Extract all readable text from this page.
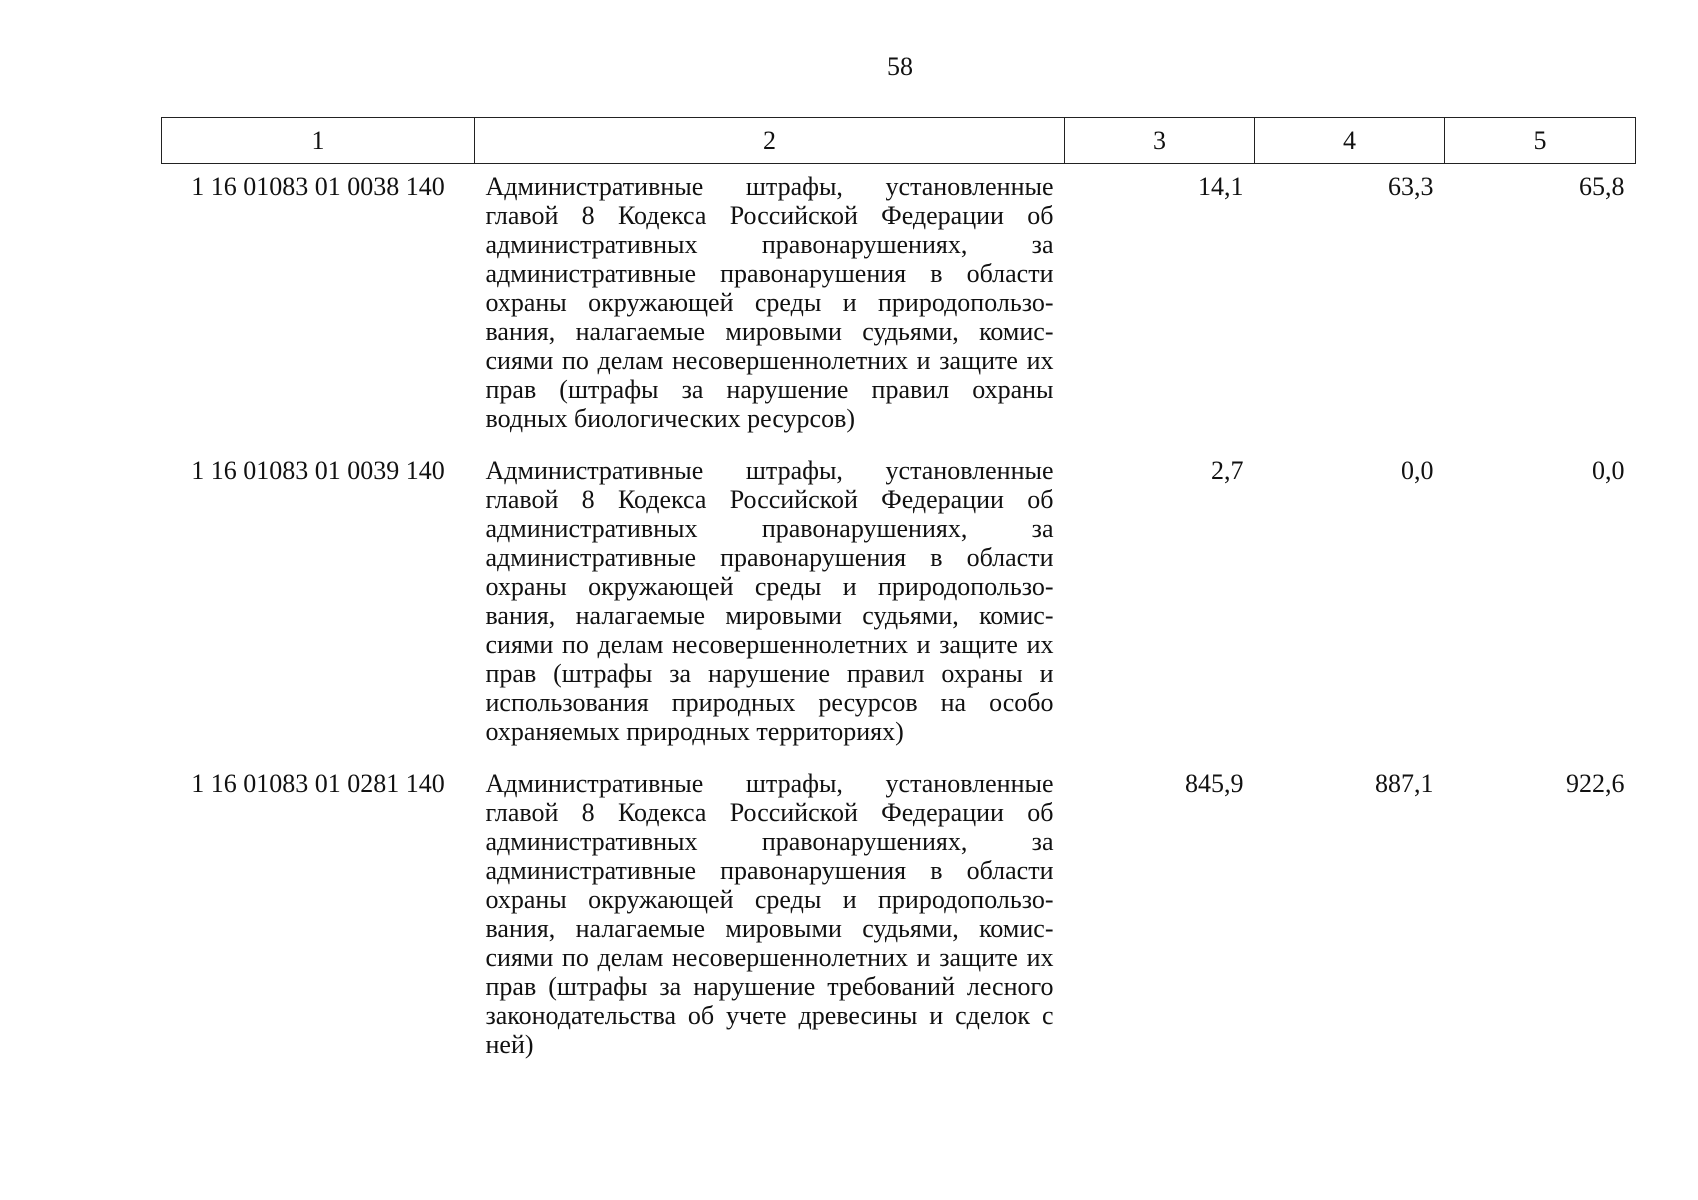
58
1	2	3	4	5
1 16 01083 01 0038 140	Административные штрафы, установленные главой 8 Кодекса Российской Федерации об административных правонарушениях, за административные правонарушения в области охраны окружающей среды и природопользования, налагаемые мировыми судьями, комиссиями по делам несовершеннолетних и защите их прав (штрафы за нарушение правил охраны водных биологических ресурсов)	14,1	63,3	65,8
1 16 01083 01 0039 140	Административные штрафы, установленные главой 8 Кодекса Российской Федерации об административных правонарушениях, за административные правонарушения в области охраны окружающей среды и природопользования, налагаемые мировыми судьями, комиссиями по делам несовершеннолетних и защите их прав (штрафы за нарушение правил охраны и использования природных ресурсов на особо охраняемых природных территориях)	2,7	0,0	0,0
1 16 01083 01 0281 140	Административные штрафы, установленные главой 8 Кодекса Российской Федерации об административных правонарушениях, за административные правонарушения в области охраны окружающей среды и природопользования, налагаемые мировыми судьями, комиссиями по делам несовершеннолетних и защите их прав (штрафы за нарушение требований лесного законодательства об учете древесины и сделок с ней)	845,9	887,1	922,6
